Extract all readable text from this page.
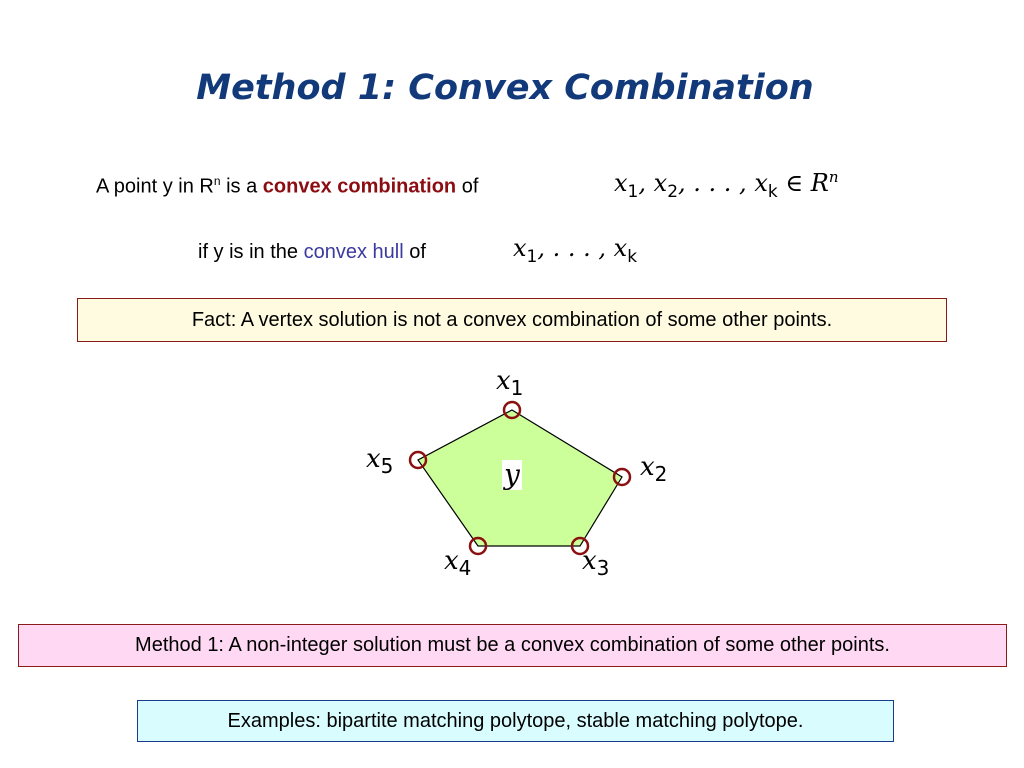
Method 1: Convex Combination
A point y in $R^n$ is a convex combination of	$x_1$, $x_2$, . . . , $x_k$ ∈ $R^n$
if y is in the convex hull of	$x_1$, . . . , $x_k$
Fact: A vertex solution is not a convex combination of some other points.
$x_1$
$x_2$
$x_3$
$x_4$
$x_5$	y
Method 1: A non-integer solution must be a convex combination of some other points.
Examples: bipartite matching polytope, stable matching polytope.
